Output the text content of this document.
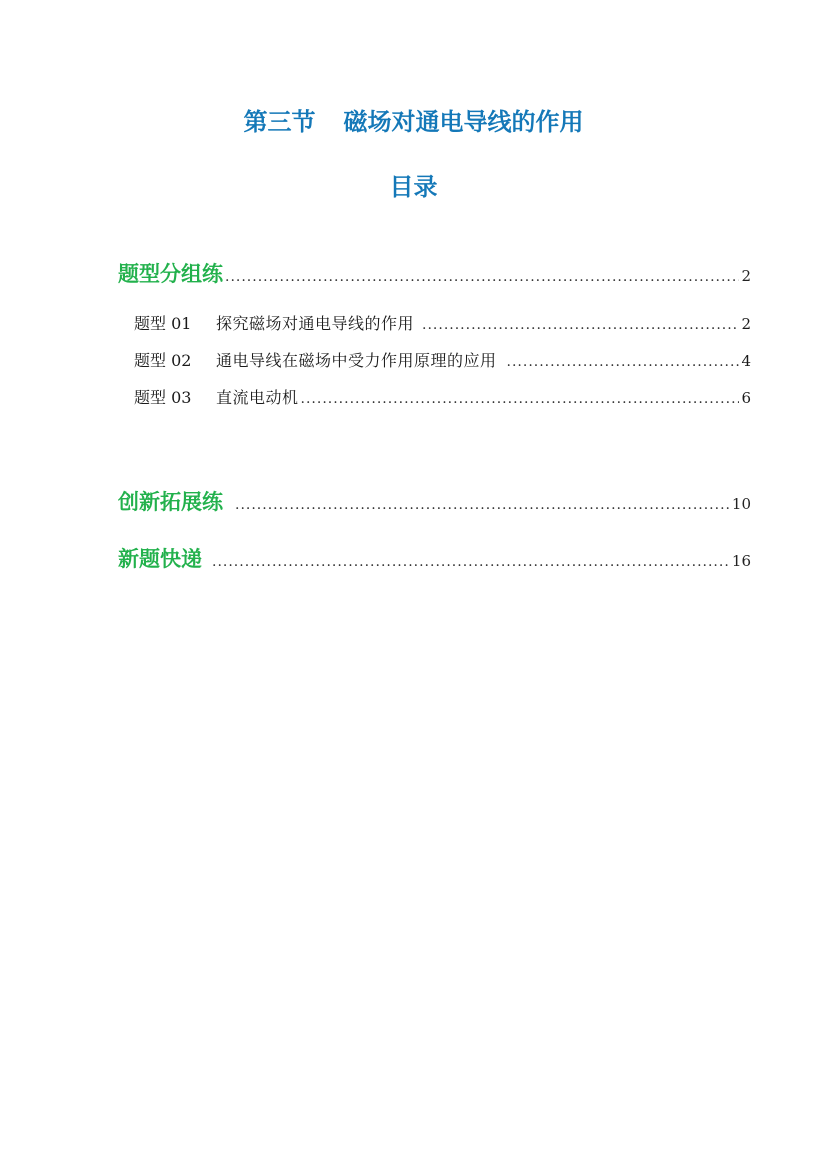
第三节 磁场对通电导线的作用
目录
题型分组练 .....	2
题型 01	探究磁场对通电导线的作用 .....	2
题型 02	通电导线在磁场中受力作用原理的应用 .....	4
题型 03	直流电动机 .....	6
创新拓展练 .....	10
新题快递 .....	16
